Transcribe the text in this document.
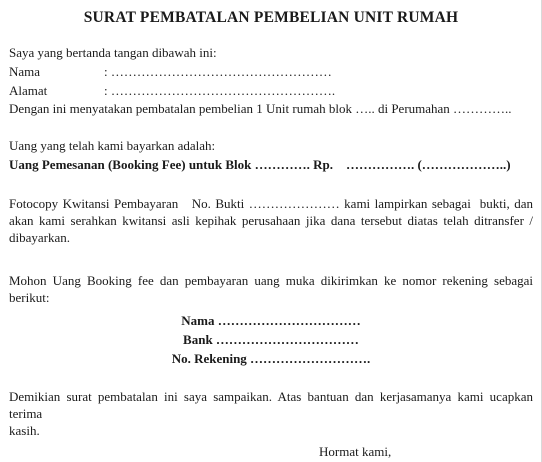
SURAT PEMBATALAN PEMBELIAN UNIT RUMAH
Saya yang bertanda tangan dibawah ini:
Nama	: ……………………………………………
Alamat	: …………………………………………….
Dengan ini menyatakan pembatalan pembelian 1 Unit rumah blok ….. di Perumahan …………..
Uang yang telah kami bayarkan adalah:
Uang Pemesanan (Booking Fee) untuk Blok …………. Rp.    ……………. (………………..)
Fotocopy Kwitansi Pembayaran   No. Bukti ………………… kami lampirkan sebagai  bukti, dan
akan kami serahkan kwitansi asli kepihak perusahaan jika dana tersebut diatas telah ditransfer /
dibayarkan.
Mohon Uang Booking fee dan pembayaran uang muka dikirimkan ke nomor rekening sebagai
berikut:
Nama ……………………………
Bank ……………………………
No. Rekening ……………………….
Demikian surat pembatalan ini saya sampaikan. Atas bantuan dan kerjasamanya kami ucapkan terima
kasih.
Hormat kami,
